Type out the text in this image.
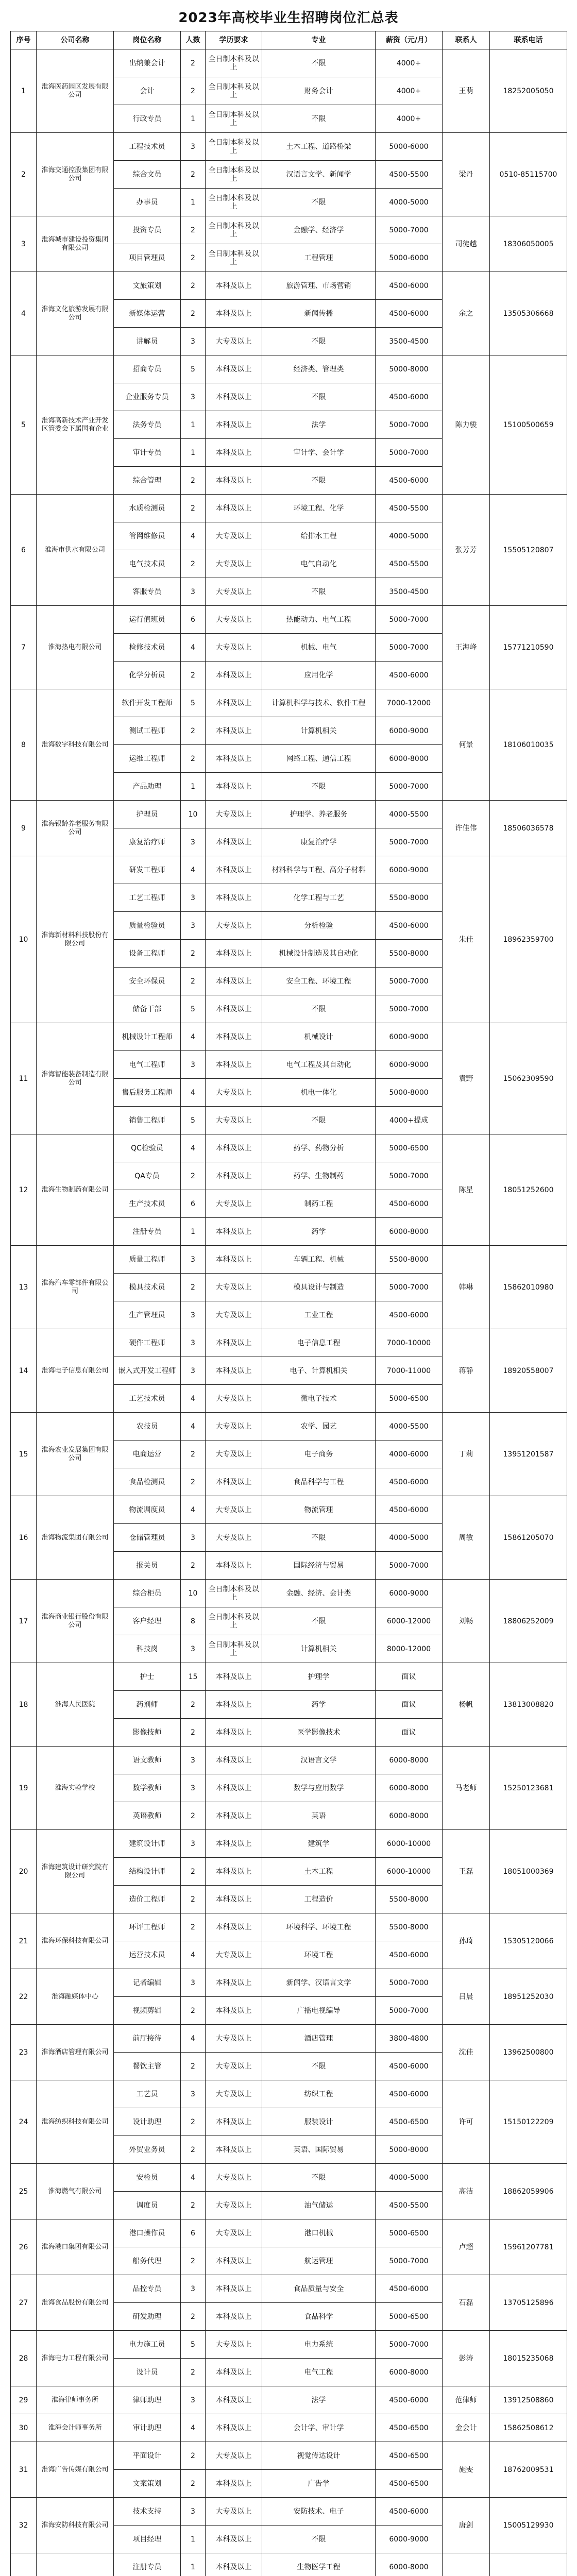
2023年高校毕业生招聘岗位汇总表
序号	公司名称	岗位名称	人数	学历要求	专业	薪资（元/月）	联系人	联系电话
1	淮海医药园区发展有限公司	出纳兼会计	2	全日制本科及以上	不限	4000+	王萌	18252005050
		会计	2	全日制本科及以上	财务会计	4000+		
		行政专员	1	全日制本科及以上	不限	4000+		
2	淮海交通控股集团有限公司	工程技术员	3	全日制本科及以上	土木工程、道路桥梁	5000-6000	梁丹	0510-85115700
		综合文员	2	全日制本科及以上	汉语言文学、新闻学	4500-5500		
		办事员	1	全日制本科及以上	不限	4000-5000		
3	淮海城市建设投资集团有限公司	投资专员	2	全日制本科及以上	金融学、经济学	5000-7000	司徒越	18306050005
		项目管理员	2	全日制本科及以上	工程管理	5000-6000		
4	淮海文化旅游发展有限公司	文旅策划	2	本科及以上	旅游管理、市场营销	4500-6000	余之	13505306668
		新媒体运营	2	本科及以上	新闻传播	4500-6000		
		讲解员	3	大专及以上	不限	3500-4500		
5	淮海高新技术产业开发区管委会下属国有企业	招商专员	5	本科及以上	经济类、管理类	5000-8000	陈力骏	15100500659
		企业服务专员	3	本科及以上	不限	4500-6000		
		法务专员	1	本科及以上	法学	5000-7000		
		审计专员	1	本科及以上	审计学、会计学	5000-7000		
		综合管理	2	本科及以上	不限	4500-6000		
6	淮海市供水有限公司	水质检测员	2	本科及以上	环境工程、化学	4500-5500	张芳芳	15505120807
		管网维修员	4	大专及以上	给排水工程	4000-5000		
		电气技术员	2	大专及以上	电气自动化	4500-5500		
		客服专员	3	大专及以上	不限	3500-4500		
7	淮海热电有限公司	运行值班员	6	大专及以上	热能动力、电气工程	5000-7000	王海峰	15771210590
		检修技术员	4	大专及以上	机械、电气	5000-7000		
		化学分析员	2	本科及以上	应用化学	4500-6000		
8	淮海数字科技有限公司	软件开发工程师	5	本科及以上	计算机科学与技术、软件工程	7000-12000	何景	18106010035
		测试工程师	2	本科及以上	计算机相关	6000-9000		
		运维工程师	2	本科及以上	网络工程、通信工程	6000-8000		
		产品助理	1	本科及以上	不限	5000-7000		
9	淮海银龄养老服务有限公司	护理员	10	大专及以上	护理学、养老服务	4000-5500	许佳伟	18506036578
		康复治疗师	3	本科及以上	康复治疗学	5000-7000		
10	淮海新材料科技股份有限公司	研发工程师	4	本科及以上	材料科学与工程、高分子材料	6000-9000	朱佳	18962359700
		工艺工程师	3	本科及以上	化学工程与工艺	5500-8000		
		质量检验员	3	大专及以上	分析检验	4500-6000		
		设备工程师	2	本科及以上	机械设计制造及其自动化	5500-8000		
		安全环保员	2	本科及以上	安全工程、环境工程	5000-7000		
		储备干部	5	本科及以上	不限	5000-7000		
11	淮海智能装备制造有限公司	机械设计工程师	4	本科及以上	机械设计	6000-9000	袁野	15062309590
		电气工程师	3	本科及以上	电气工程及其自动化	6000-9000		
		售后服务工程师	4	大专及以上	机电一体化	5000-8000		
		销售工程师	5	大专及以上	不限	4000+提成		
12	淮海生物制药有限公司	QC检验员	4	本科及以上	药学、药物分析	5000-6500	陈星	18051252600
		QA专员	2	本科及以上	药学、生物制药	5000-7000		
		生产技术员	6	大专及以上	制药工程	4500-6000		
		注册专员	1	本科及以上	药学	6000-8000		
13	淮海汽车零部件有限公司	质量工程师	3	本科及以上	车辆工程、机械	5500-8000	韩琳	15862010980
		模具技术员	2	大专及以上	模具设计与制造	5000-7000		
		生产管理员	3	大专及以上	工业工程	4500-6000		
14	淮海电子信息有限公司	硬件工程师	3	本科及以上	电子信息工程	7000-10000	蒋静	18920558007
		嵌入式开发工程师	3	本科及以上	电子、计算机相关	7000-11000		
		工艺技术员	4	大专及以上	微电子技术	5000-6500		
15	淮海农业发展集团有限公司	农技员	4	大专及以上	农学、园艺	4000-5500	丁莉	13951201587
		电商运营	2	大专及以上	电子商务	4000-6000		
		食品检测员	2	本科及以上	食品科学与工程	4500-6000		
16	淮海物流集团有限公司	物流调度员	4	大专及以上	物流管理	4500-6000	周敏	15861205070
		仓储管理员	3	大专及以上	不限	4000-5000		
		报关员	2	本科及以上	国际经济与贸易	5000-7000		
17	淮海商业银行股份有限公司	综合柜员	10	全日制本科及以上	金融、经济、会计类	6000-9000	刘畅	18806252009
		客户经理	8	全日制本科及以上	不限	6000-12000		
		科技岗	3	全日制本科及以上	计算机相关	8000-12000		
18	淮海人民医院	护士	15	本科及以上	护理学	面议	杨帆	13813008820
		药剂师	2	本科及以上	药学	面议		
		影像技师	2	本科及以上	医学影像技术	面议		
19	淮海实验学校	语文教师	3	本科及以上	汉语言文学	6000-8000	马老师	15250123681
		数学教师	3	本科及以上	数学与应用数学	6000-8000		
		英语教师	2	本科及以上	英语	6000-8000		
20	淮海建筑设计研究院有限公司	建筑设计师	3	本科及以上	建筑学	6000-10000	王磊	18051000369
		结构设计师	2	本科及以上	土木工程	6000-10000		
		造价工程师	2	本科及以上	工程造价	5500-8000		
21	淮海环保科技有限公司	环评工程师	2	本科及以上	环境科学、环境工程	5500-8000	孙琦	15305120066
		运营技术员	4	大专及以上	环境工程	4500-6000		
22	淮海融媒体中心	记者编辑	3	本科及以上	新闻学、汉语言文学	5000-7000	吕晨	18951252030
		视频剪辑	2	本科及以上	广播电视编导	5000-7000		
23	淮海酒店管理有限公司	前厅接待	4	大专及以上	酒店管理	3800-4800	沈佳	13962500800
		餐饮主管	2	大专及以上	不限	4500-6000		
24	淮海纺织科技有限公司	工艺员	3	大专及以上	纺织工程	4500-6000	许可	15150122209
		设计助理	2	本科及以上	服装设计	4500-6500		
		外贸业务员	2	本科及以上	英语、国际贸易	5000-8000		
25	淮海燃气有限公司	安检员	4	大专及以上	不限	4000-5000	高洁	18862059906
		调度员	2	大专及以上	油气储运	4500-5500		
26	淮海港口集团有限公司	港口操作员	6	大专及以上	港口机械	5000-6500	卢超	15961207781
		船务代理	2	本科及以上	航运管理	5000-7000		
27	淮海食品股份有限公司	品控专员	3	本科及以上	食品质量与安全	4500-6000	石磊	13705125896
		研发助理	2	本科及以上	食品科学	5000-6500		
28	淮海电力工程有限公司	电力施工员	5	大专及以上	电力系统	5000-7000	彭涛	18015235068
		设计员	2	本科及以上	电气工程	6000-8000		
29	淮海律师事务所	律师助理	3	本科及以上	法学	4500-6000	范律师	13912508860
30	淮海会计师事务所	审计助理	4	本科及以上	会计学、审计学	4500-6500	金会计	15862508612
31	淮海广告传媒有限公司	平面设计	2	大专及以上	视觉传达设计	4500-6500	施雯	18762009531
		文案策划	2	本科及以上	广告学	4500-6500		
32	淮海安防科技有限公司	技术支持	3	大专及以上	安防技术、电子	4500-6000	唐剑	15005129930
		项目经理	1	本科及以上	不限	6000-9000		
		注册专员	1	本科及以上	生物医学工程	6000-8000		
